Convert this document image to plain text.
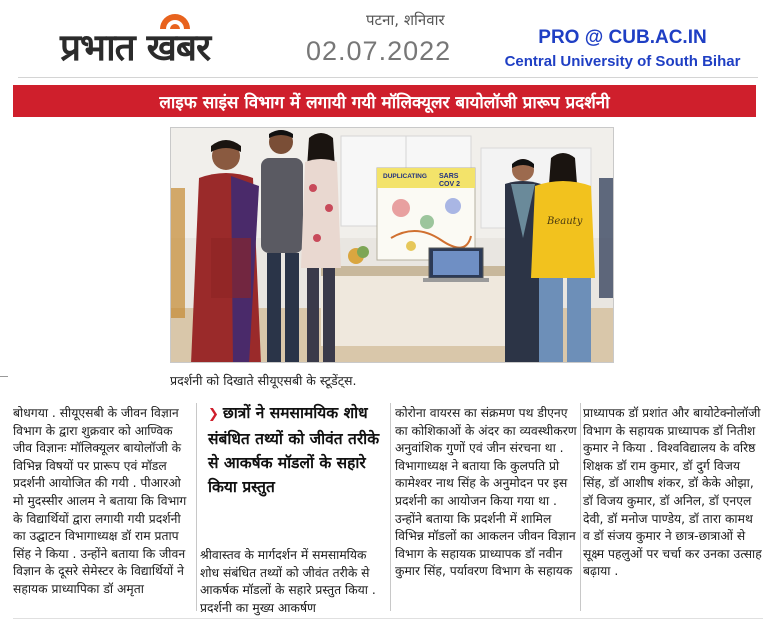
प्रभात खबर
पटना, शनिवार
02.07.2022	PRO @ CUB.AC.IN
Central University of South Bihar
लाइफ साइंस विभाग में लगायी गयी मॉलिक्यूलर बायोलॉजी प्रारूप प्रदर्शनी
DUPLICATING SARS
COV 2
Beauty
प्रदर्शनी को दिखाते सीयूएसबी के स्टूडेंट्स.
बोधगया . सीयूएसबी के जीवन विज्ञान विभाग के द्वारा शुक्रवार को आण्विक जीव विज्ञानः मॉलिक्यूलर बायोलॉजी के विभिन्न विषयों पर प्रारूप एवं मॉडल प्रदर्शनी आयोजित की गयी . पीआरओ मो मुदस्सीर आलम ने बताया कि विभाग के विद्यार्थियों द्वारा लगायी गयी प्रदर्शनी का उद्घाटन विभागाध्यक्ष डॉ राम प्रताप सिंह ने किया . उन्होंने बताया कि जीवन विज्ञान के दूसरे सेमेस्टर के विद्यार्थियों ने सहायक प्राध्यापिका डॉ अमृता
❯ छात्रों ने समसामयिक शोध संबंधित तथ्यों को जीवंत तरीके से आकर्षक मॉडलों के सहारे किया प्रस्तुत
श्रीवास्तव के मार्गदर्शन में समसामयिक शोध संबंधित तथ्यों को जीवंत तरीके से आकर्षक मॉडलों के सहारे प्रस्तुत किया . प्रदर्शनी का मुख्य आकर्षण
कोरोना वायरस का संक्रमण पथ डीएनए का कोशिकाओं के अंदर का व्यवस्थीकरण अनुवांशिक गुणों एवं जीन संरचना था . विभागाध्यक्ष ने बताया कि कुलपति प्रो कामेश्वर नाथ सिंह के अनुमोदन पर इस प्रदर्शनी का आयोजन किया गया था . उन्होंने बताया कि प्रदर्शनी में शामिल विभिन्न मॉडलों का आकलन जीवन विज्ञान विभाग के सहायक प्राध्यापक डॉ नवीन कुमार सिंह, पर्यावरण विभाग के सहायक
प्राध्यापक डॉ प्रशांत और बायोटेक्नोलॉजी विभाग के सहायक प्राध्यापक डॉ नितीश कुमार ने किया . विश्वविद्यालय के वरिष्ठ शिक्षक डॉ राम कुमार, डॉ दुर्ग विजय सिंह, डॉ आशीष शंकर, डॉ केके ओझा, डॉ विजय कुमार, डॉ अनिल, डॉ एनएल देवी, डॉ मनोज पाण्डेय, डॉ तारा कामथ व डॉ संजय कुमार ने छात्र-छात्राओं से सूक्ष्म पहलुओं पर चर्चा कर उनका उत्साह बढ़ाया .
